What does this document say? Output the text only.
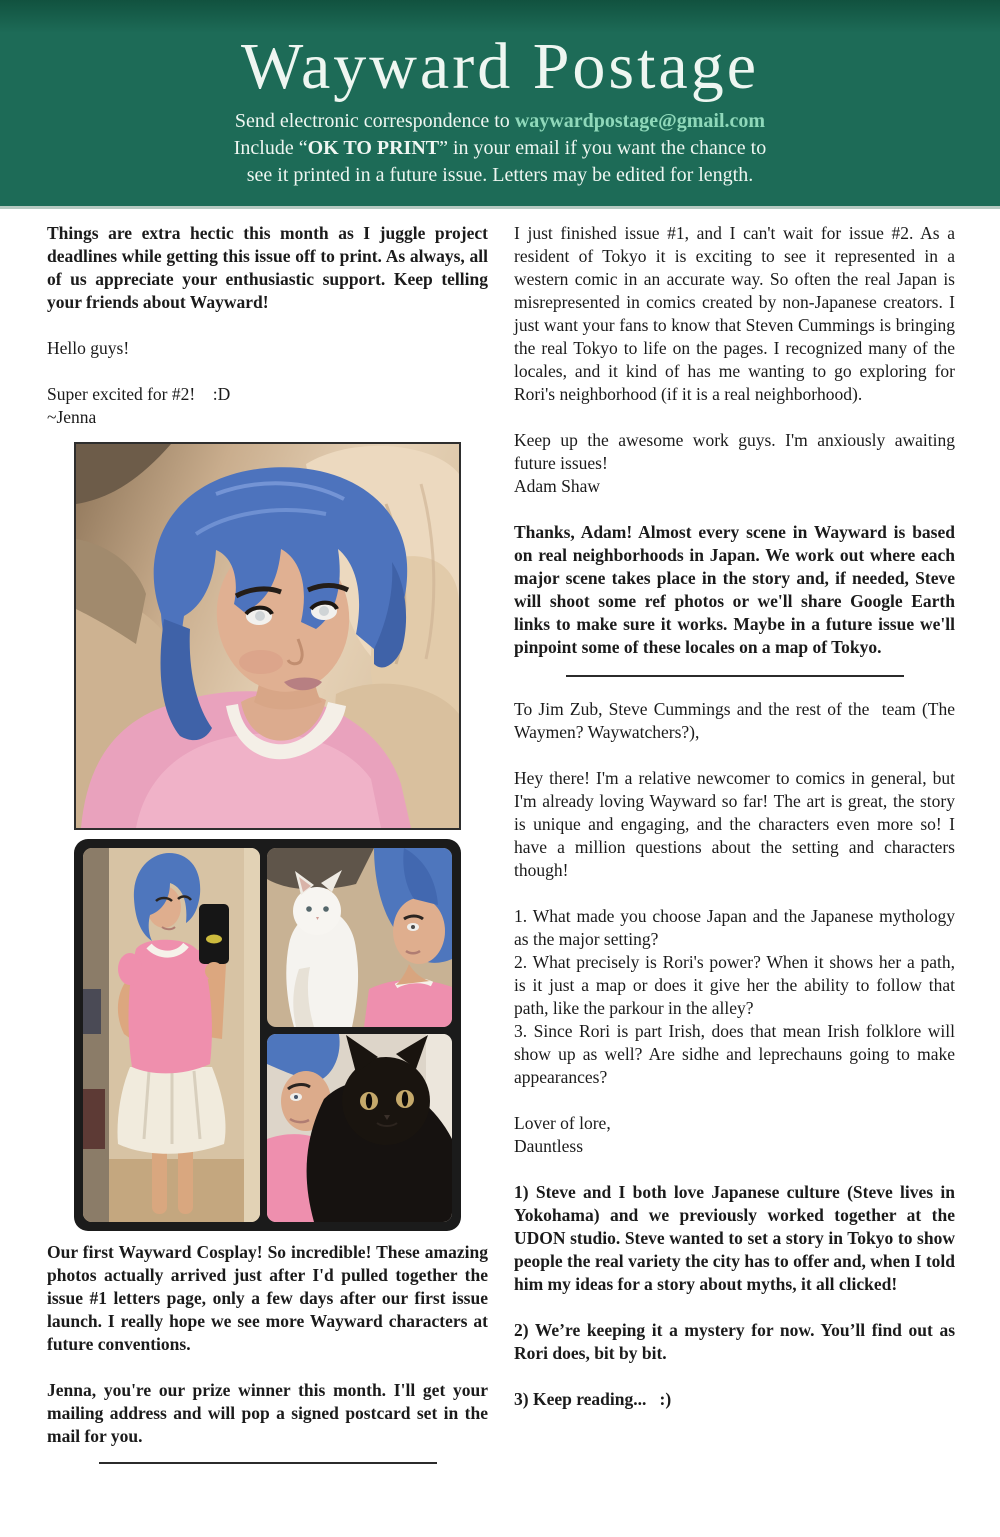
Wayward Postage
Send electronic correspondence to waywardpostage@gmail.com
Include “OK TO PRINT” in your email if you want the chance to
see it printed in a future issue. Letters may be edited for length.

Things are extra hectic this month as I juggle project deadlines while getting this issue off to print. As always, all of us appreciate your enthusiastic support. Keep telling your friends about Wayward!

Hello guys!

Super excited for #2!    :D

~Jenna

Our first Wayward Cosplay! So incredible! These amazing photos actually arrived just after I'd pulled together the issue #1 letters page, only a few days after our first issue launch. I really hope we see more Wayward characters at future conventions.

Jenna, you're our prize winner this month. I'll get your mailing address and will pop a signed postcard set in the mail for you.

I just finished issue #1, and I can't wait for issue #2. As a resident of Tokyo it is exciting to see it represented in a western comic in an accurate way. So often the real Japan is misrepresented in comics created by non-Japanese creators. I just want your fans to know that Steven Cummings is bringing the real Tokyo to life on the pages. I recognized many of the locales, and it kind of has me wanting to go exploring for Rori's neighborhood (if it is a real neighborhood).

Keep up the awesome work guys. I'm anxiously awaiting future issues!

Adam Shaw

Thanks, Adam! Almost every scene in Wayward is based on real neighborhoods in Japan. We work out where each major scene takes place in the story and, if needed, Steve will shoot some ref photos or we'll share Google Earth links to make sure it works. Maybe in a future issue we'll pinpoint some of these locales on a map of Tokyo.

To Jim Zub, Steve Cummings and the rest of the  team (The Waymen? Waywatchers?),

Hey there! I'm a relative newcomer to comics in general, but I'm already loving Wayward so far! The art is great, the story is unique and engaging, and the characters even more so! I have a million questions about the setting and characters though!

1. What made you choose Japan and the Japanese mythology as the major setting?

2. What precisely is Rori's power? When it shows her a path, is it just a map or does it give her the ability to follow that path, like the parkour in the alley?

3. Since Rori is part Irish, does that mean Irish folklore will show up as well? Are sidhe and leprechauns going to make appearances?

Lover of lore,

Dauntless

1) Steve and I both love Japanese culture (Steve lives in Yokohama) and we previously worked together at the UDON studio. Steve wanted to set a story in Tokyo to show people the real variety the city has to offer and, when I told him my ideas for a story about myths, it all clicked!

2) We’re keeping it a mystery for now. You’ll find out as Rori does, bit by bit.

3) Keep reading...   :)
